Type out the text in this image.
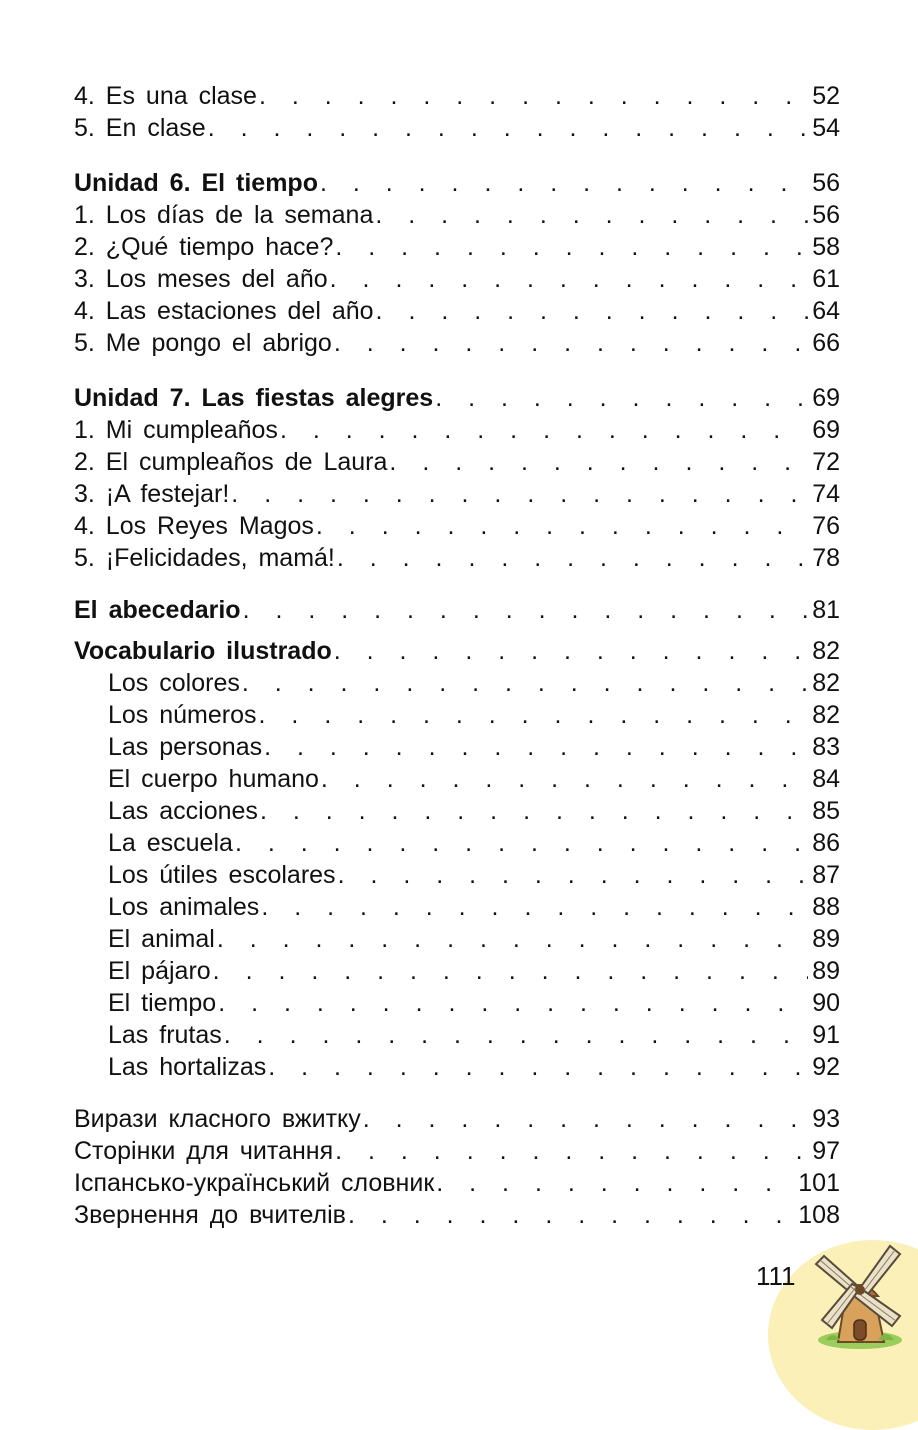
4. Es una clase . . .	52
5. En clase . . .	54
Unidad 6. El tiempo . . .	56
1. Los días de la semana . . .	56
2. ¿Qué tiempo hace? . . .	58
3. Los meses del año . . .	61
4. Las estaciones del año . . .	64
5. Me pongo el abrigo . . .	66
Unidad 7. Las fiestas alegres . . .	69
1. Mi cumpleaños . . .	69
2. El cumpleaños de Laura . . .	72
3. ¡A festejar! . . .	74
4. Los Reyes Magos . . .	76
5. ¡Felicidades, mamá! . . .	78
El abecedario . . .	81
Vocabulario ilustrado . . .	82
Los colores . . .	82
Los números . . .	82
Las personas . . .	83
El cuerpo humano . . .	84
Las acciones . . .	85
La escuela . . .	86
Los útiles escolares . . .	87
Los animales . . .	88
El animal . . .	89
El pájaro . . .	89
El tiempo . . .	90
Las frutas . . .	91
Las hortalizas . . .	92
Вирази класного вжитку . . .	93
Сторінки для читання . . .	97
Іспансько-український словник . . .	101
Звернення до вчителів . . .	108
111
